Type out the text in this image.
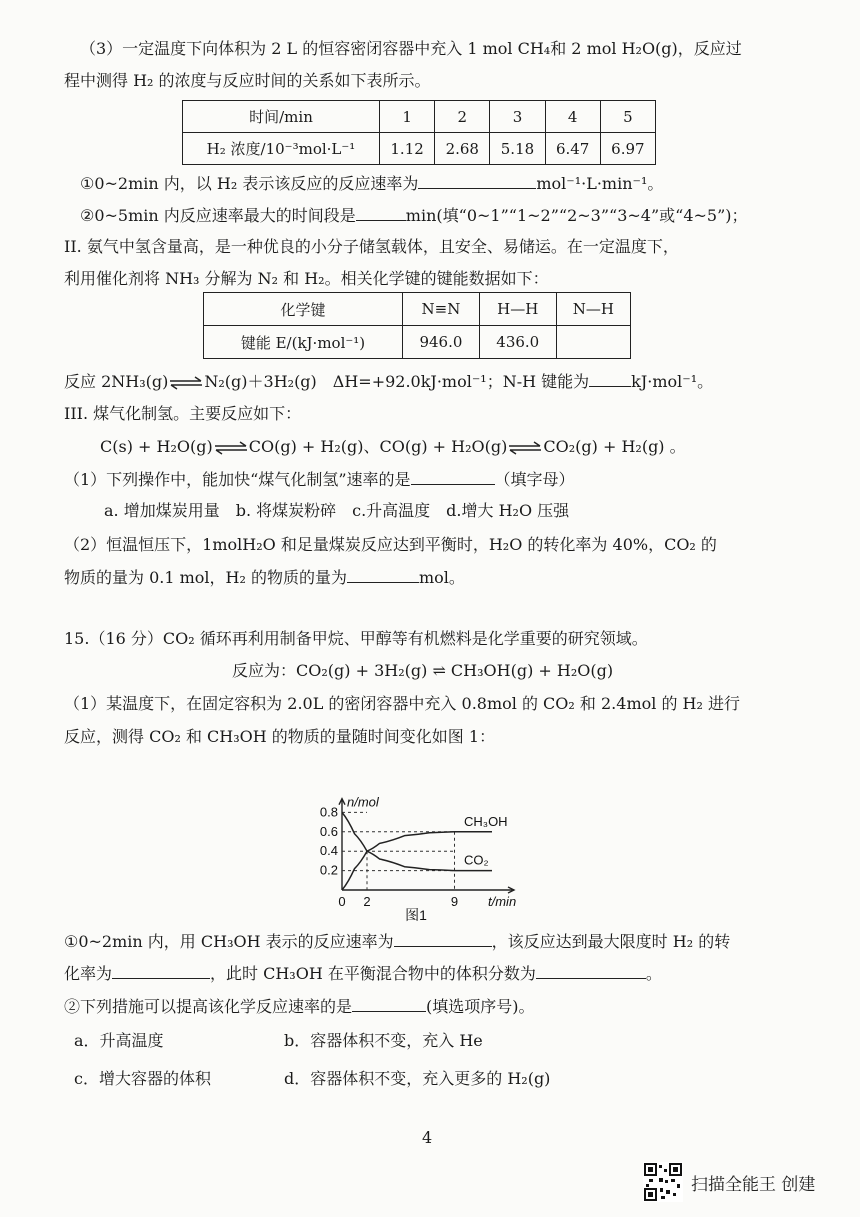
（3）一定温度下向体积为 2 L 的恒容密闭容器中充入 1 mol CH₄和 2 mol H₂O(g)，反应过
程中测得 H₂ 的浓度与反应时间的关系如下表所示。
时间/min	1	2	3	4	5
H₂ 浓度/10⁻³mol·L⁻¹	1.12	2.68	5.18	6.47	6.97
①0~2min 内，以 H₂ 表示该反应的反应速率为	mol⁻¹·L·min⁻¹。
②0~5min 内反应速率最大的时间段是	min(填“0~1”“1~2”“2~3”“3~4”或“4~5”)；
II. 氨气中氢含量高，是一种优良的小分子储氢载体，且安全、易储运。在一定温度下，
利用催化剂将 NH₃ 分解为 N₂ 和 H₂。相关化学键的键能数据如下：
化学键	N≡N	H—H	N—H
键能 E/(kJ·mol⁻¹)	946.0	436.0	
反应 2NH₃(g)⇌N₂(g)＋3H₂(g)　ΔH=+92.0kJ·mol⁻¹；N-H 键能为	kJ·mol⁻¹。
III. 煤气化制氢。主要反应如下：
C(s) + H₂O(g)⇌CO(g) + H₂(g)、CO(g) + H₂O(g)⇌CO₂(g) + H₂(g) 。
（1）下列操作中，能加快“煤气化制氢”速率的是	（填字母）
a. 增加煤炭用量　b. 将煤炭粉碎　c.升高温度　d.增大 H₂O 压强
（2）恒温恒压下，1molH₂O 和足量煤炭反应达到平衡时，H₂O 的转化率为 40%，CO₂ 的
物质的量为 0.1 mol，H₂ 的物质的量为	mol。
15.（16 分）CO₂ 循环再利用制备甲烷、甲醇等有机燃料是化学重要的研究领域。
反应为：CO₂(g) + 3H₂(g) ⇌ CH₃OH(g) + H₂O(g)
（1）某温度下，在固定容积为 2.0L 的密闭容器中充入 0.8mol 的 CO₂ 和 2.4mol 的 H₂ 进行
反应，测得 CO₂ 和 CH₃OH 的物质的量随时间变化如图 1：
0.2
0.4
0.6
0.8
0 2	9
n/mol
t/min
图1
CH₃OH
CO₂
①0~2min 内，用 CH₃OH 表示的反应速率为	，该反应达到最大限度时 H₂ 的转
化率为	，此时 CH₃OH 在平衡混合物中的体积分数为	。
②下列措施可以提高该化学反应速率的是	(填选项序号)。
a．升高温度	b．容器体积不变，充入 He
c．增大容器的体积	d．容器体积不变，充入更多的 H₂(g)
4
扫描全能王 创建
